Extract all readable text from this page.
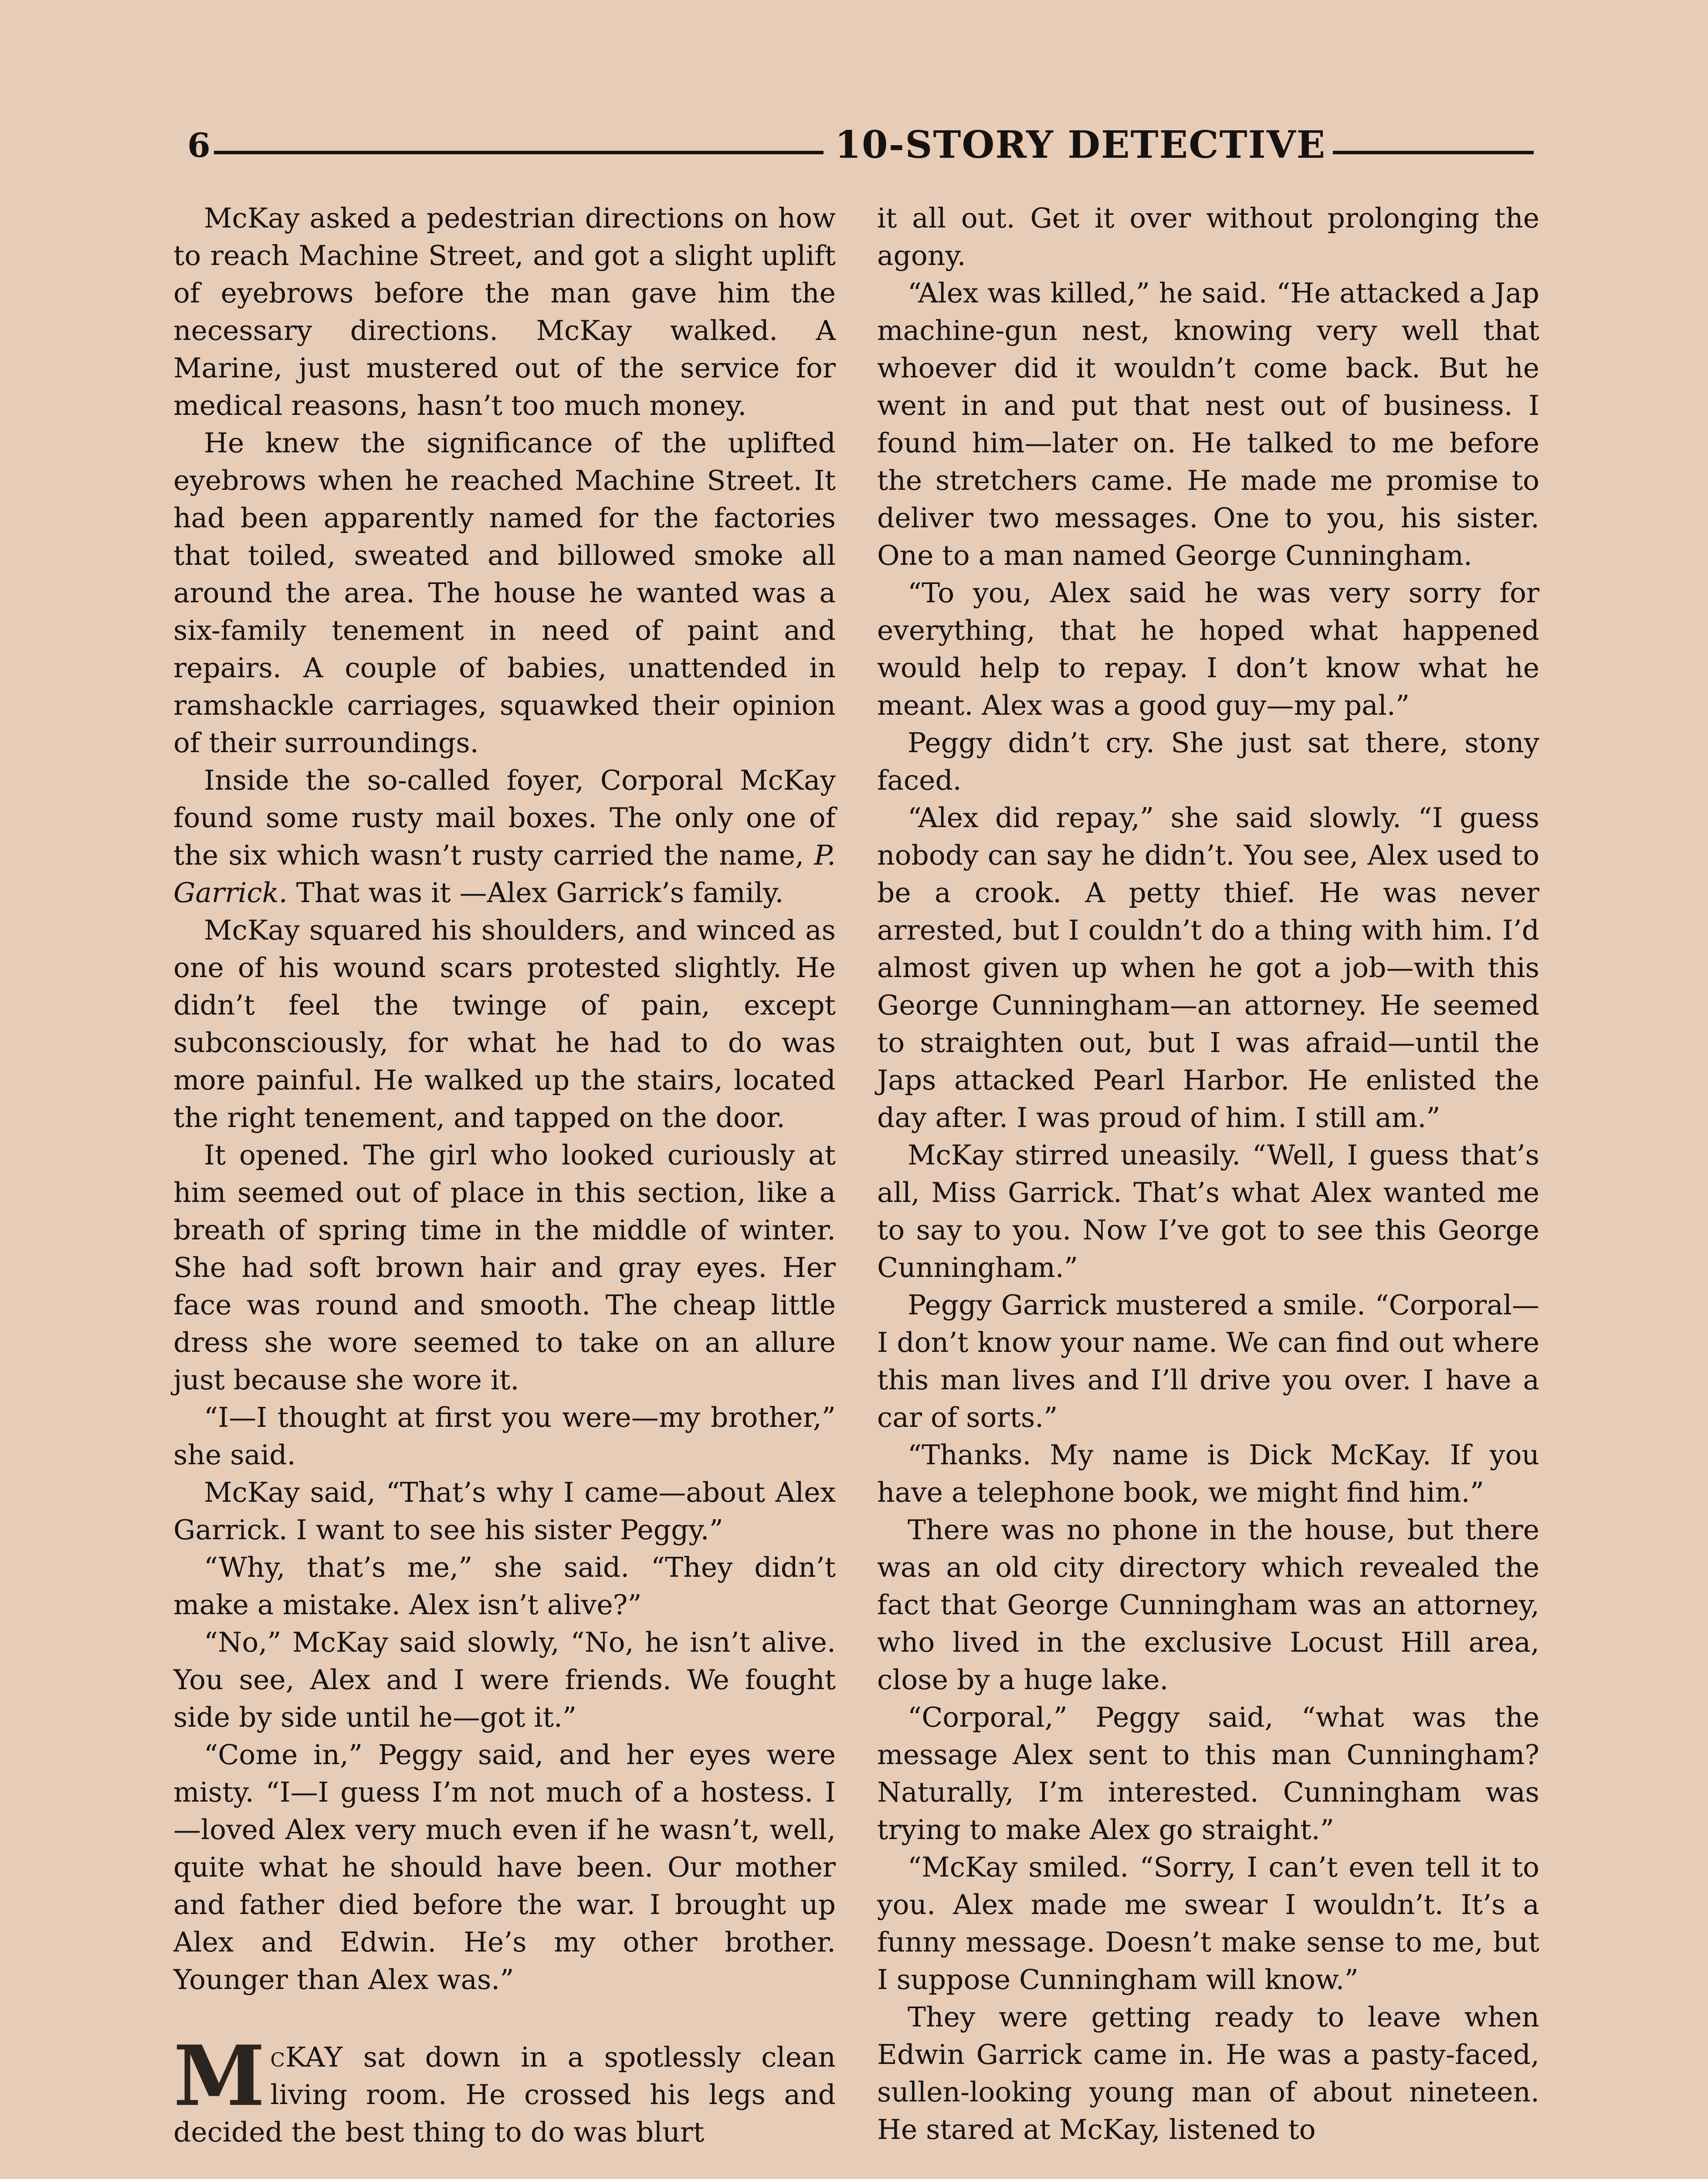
6	10-STORY DETECTIVE

McKay asked a pedestrian directions on how to reach Machine Street, and got a slight uplift of eyebrows before the man gave him the necessary directions. McKay walked. A Marine, just mustered out of the service for medical reasons, hasn’t too much money.

He knew the significance of the uplifted eyebrows when he reached Machine Street. It had been apparently named for the factories that toiled, sweated and billowed smoke all around the area. The house he wanted was a six-family tenement in need of paint and repairs. A couple of babies, unattended in ramshackle carriages, squawked their opinion of their surroundings.

Inside the so-called foyer, Corporal McKay found some rusty mail boxes. The only one of the six which wasn’t rusty carried the name, P. Garrick. That was it —Alex Garrick’s family.

McKay squared his shoulders, and winced as one of his wound scars protested slightly. He didn’t feel the twinge of pain, except subconsciously, for what he had to do was more painful. He walked up the stairs, located the right tenement, and tapped on the door.

It opened. The girl who looked curiously at him seemed out of place in this section, like a breath of spring time in the middle of winter. She had soft brown hair and gray eyes. Her face was round and smooth. The cheap little dress she wore seemed to take on an allure just because she wore it.

“I—I thought at first you were—my brother,” she said.

McKay said, “That’s why I came—about Alex Garrick. I want to see his sister Peggy.”

“Why, that’s me,” she said. “They didn’t make a mistake. Alex isn’t alive?”

“No,” McKay said slowly, “No, he isn’t alive. You see, Alex and I were friends. We fought side by side until he—got it.”

“Come in,” Peggy said, and her eyes were misty. “I—I guess I’m not much of a hostess. I—loved Alex very much even if he wasn’t, well, quite what he should have been. Our mother and father died before the war. I brought up Alex and Edwin. He’s my other brother. Younger than Alex was.”

McKAY sat down in a spotlessly clean living room. He crossed his legs and decided the best thing to do was blurt

it all out. Get it over without prolonging the agony.

“Alex was killed,” he said. “He attacked a Jap machine-gun nest, knowing very well that whoever did it wouldn’t come back. But he went in and put that nest out of business. I found him—later on. He talked to me before the stretchers came. He made me promise to deliver two messages. One to you, his sister. One to a man named George Cunningham.

“To you, Alex said he was very sorry for everything, that he hoped what happened would help to repay. I don’t know what he meant. Alex was a good guy—my pal.”

Peggy didn’t cry. She just sat there, stony faced.

“Alex did repay,” she said slowly. “I guess nobody can say he didn’t. You see, Alex used to be a crook. A petty thief. He was never arrested, but I couldn’t do a thing with him. I’d almost given up when he got a job—with this George Cunningham—an attorney. He seemed to straighten out, but I was afraid—until the Japs attacked Pearl Harbor. He enlisted the day after. I was proud of him. I still am.”

McKay stirred uneasily. “Well, I guess that’s all, Miss Garrick. That’s what Alex wanted me to say to you. Now I’ve got to see this George Cunningham.”

Peggy Garrick mustered a smile. “Corporal—I don’t know your name. We can find out where this man lives and I’ll drive you over. I have a car of sorts.”

“Thanks. My name is Dick McKay. If you have a telephone book, we might find him.”

There was no phone in the house, but there was an old city directory which revealed the fact that George Cunningham was an attorney, who lived in the exclusive Locust Hill area, close by a huge lake.

“Corporal,” Peggy said, “what was the message Alex sent to this man Cunningham? Naturally, I’m interested. Cunningham was trying to make Alex go straight.”

“McKay smiled. “Sorry, I can’t even tell it to you. Alex made me swear I wouldn’t. It’s a funny message. Doesn’t make sense to me, but I suppose Cunningham will know.”

They were getting ready to leave when Edwin Garrick came in. He was a pasty-faced, sullen-looking young man of about nineteen. He stared at McKay, listened to
